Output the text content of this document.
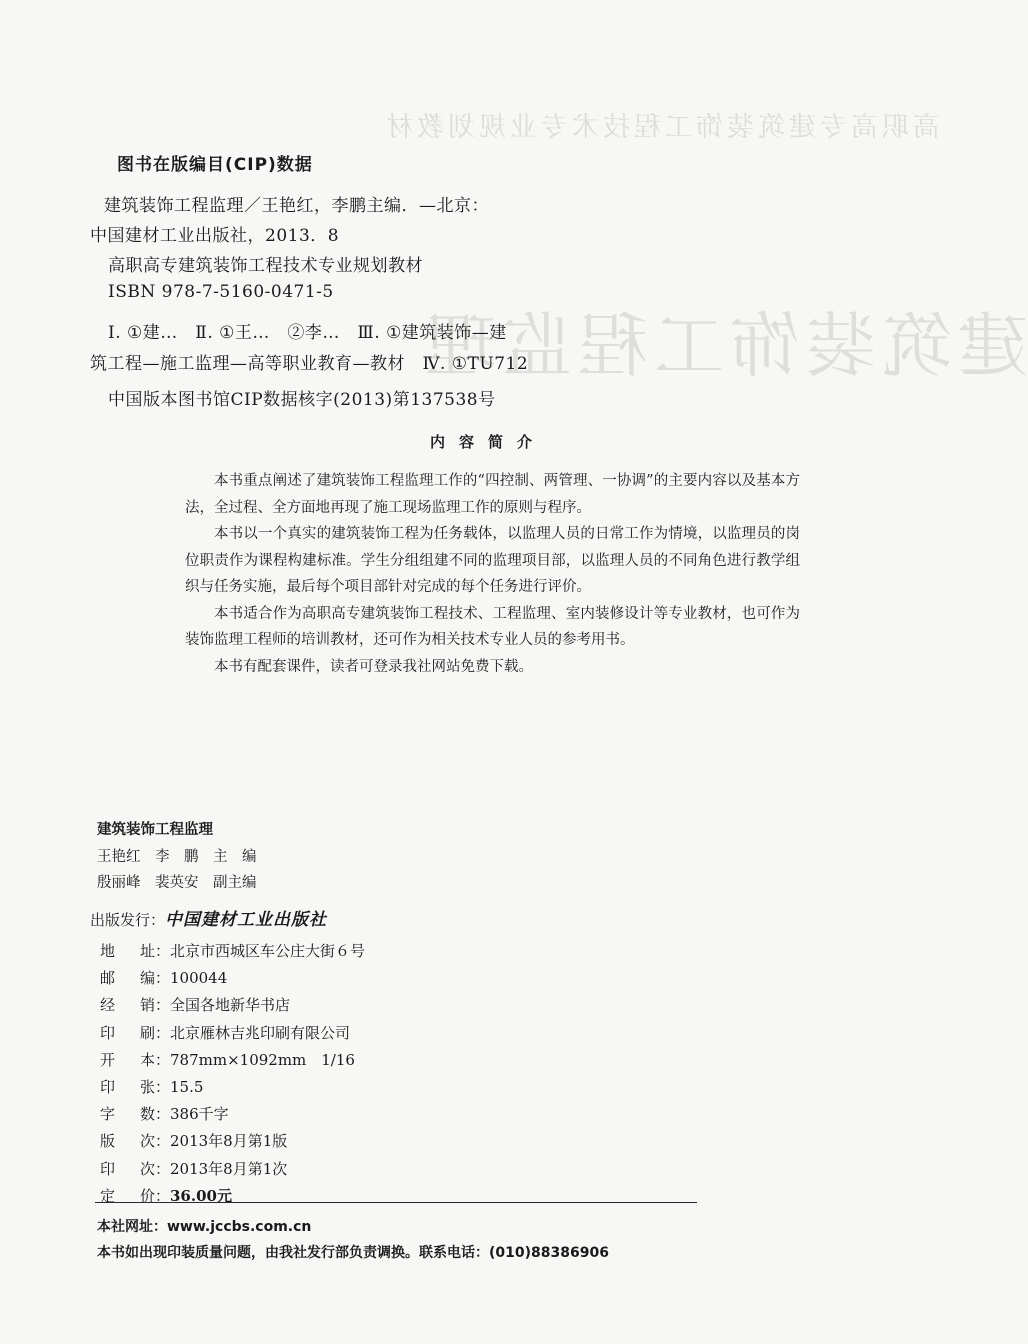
高职高专建筑装饰工程技术专业规划教材
建筑装饰工程监理
图书在版编目(CIP)数据
建筑装饰工程监理／王艳红，李鹏主编．—北京：
中国建材工业出版社，2013．8
高职高专建筑装饰工程技术专业规划教材
ISBN 978-7-5160-0471-5
Ⅰ. ①建…　Ⅱ. ①王…　②李…　Ⅲ. ①建筑装饰—建
筑工程—施工监理—高等职业教育—教材　Ⅳ. ①TU712
中国版本图书馆CIP数据核字(2013)第137538号
内容简介

本书重点阐述了建筑装饰工程监理工作的“四控制、两管理、一协调”的主要内容以及基本方法，全过程、全方面地再现了施工现场监理工作的原则与程序。

本书以一个真实的建筑装饰工程为任务载体，以监理人员的日常工作为情境，以监理员的岗位职责作为课程构建标准。学生分组组建不同的监理项目部，以监理人员的不同角色进行教学组织与任务实施，最后每个项目部针对完成的每个任务进行评价。

本书适合作为高职高专建筑装饰工程技术、工程监理、室内装修设计等专业教材，也可作为装饰监理工程师的培训教材，还可作为相关技术专业人员的参考用书。

本书有配套课件，读者可登录我社网站免费下载。

建筑装饰工程监理
王艳红　李　鹏　主　编
殷丽峰　裴英安　副主编
出版发行：中国建材工业出版社
地 址 ：	北京市西城区车公庄大街６号
邮 编 ：	100044
经 销 ：	全国各地新华书店
印 刷 ：	北京雁林吉兆印刷有限公司
开 本 ：	787mm×1092mm　1/16
印 张 ：	15.5
字 数 ：	386千字
版 次 ：	2013年8月第1版
印 次 ：	2013年8月第1次
定 价 ：	36.00元
本社网址：www.jccbs.com.cn
本书如出现印装质量问题，由我社发行部负责调换。联系电话：(010)88386906
